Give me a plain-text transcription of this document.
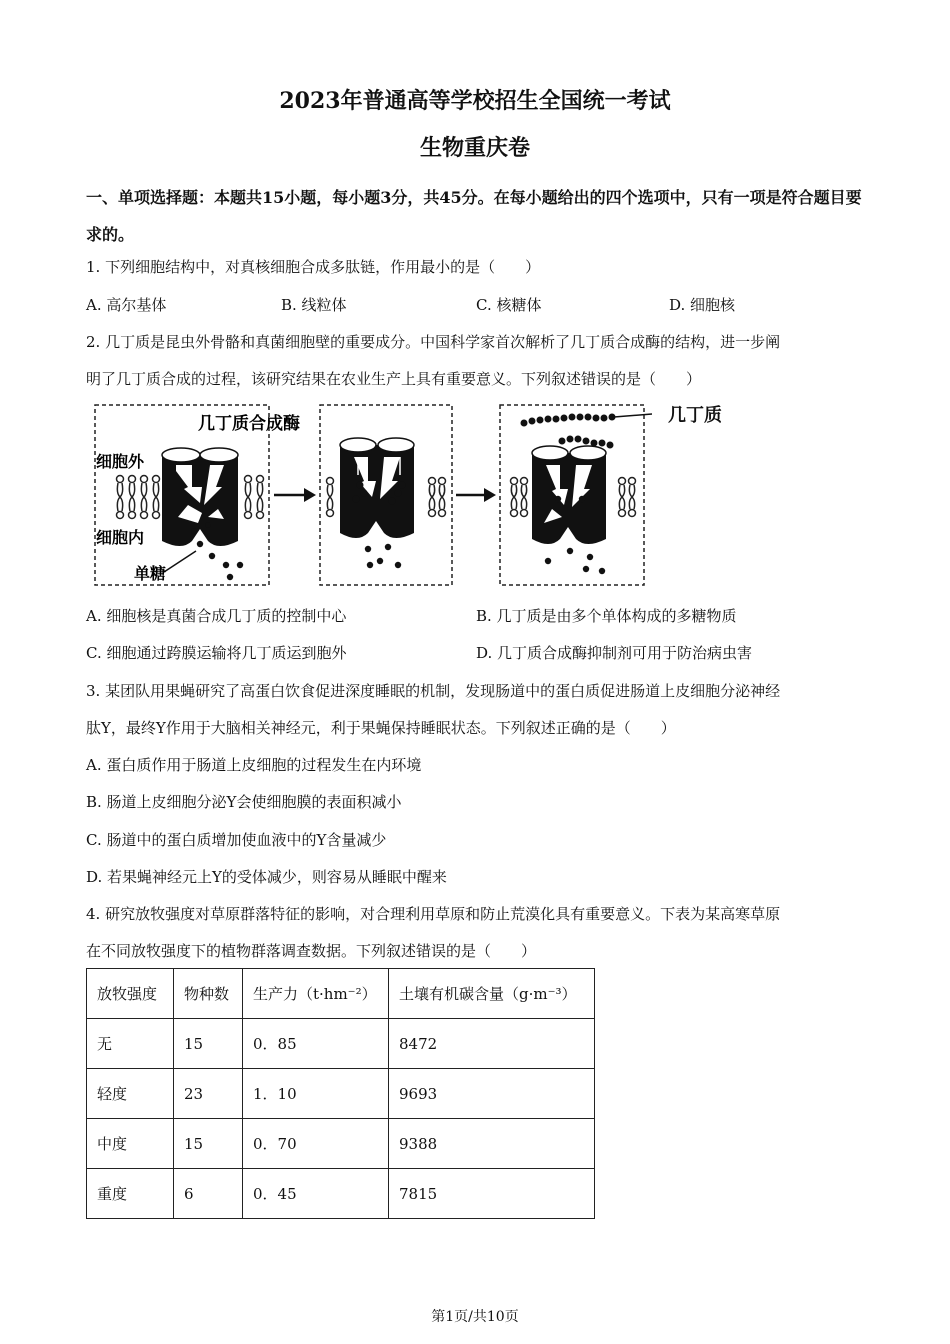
2023年普通高等学校招生全国统一考试
生物重庆卷
一、单项选择题：本题共15小题，每小题3分，共45分。在每小题给出的四个选项中，只有一项是符合题目要求的。
1. 下列细胞结构中，对真核细胞合成多肽链，作用最小的是（　　）
A. 高尔基体	B. 线粒体	C. 核糖体	D. 细胞核
2. 几丁质是昆虫外骨骼和真菌细胞壁的重要成分。中国科学家首次解析了几丁质合成酶的结构，进一步阐
明了几丁质合成的过程，该研究结果在农业生产上具有重要意义。下列叙述错误的是（　　）
几丁质合成酶
细胞外
细胞内
单糖
几丁质
A. 细胞核是真菌合成几丁质的控制中心	B. 几丁质是由多个单体构成的多糖物质
C. 细胞通过跨膜运输将几丁质运到胞外	D. 几丁质合成酶抑制剂可用于防治病虫害
3. 某团队用果蝇研究了高蛋白饮食促进深度睡眠的机制，发现肠道中的蛋白质促进肠道上皮细胞分泌神经
肽Y，最终Y作用于大脑相关神经元，利于果蝇保持睡眠状态。下列叙述正确的是（　　）
A. 蛋白质作用于肠道上皮细胞的过程发生在内环境
B. 肠道上皮细胞分泌Y会使细胞膜的表面积减小
C. 肠道中的蛋白质增加使血液中的Y含量减少
D. 若果蝇神经元上Y的受体减少，则容易从睡眠中醒来
4. 研究放牧强度对草原群落特征的影响，对合理利用草原和防止荒漠化具有重要意义。下表为某高寒草原
在不同放牧强度下的植物群落调查数据。下列叙述错误的是（　　）
放牧强度	物种数	生产力（t·hm⁻²）	土壤有机碳含量（g·m⁻³）
无	15	0．85	8472
轻度	23	1．10	9693
中度	15	0．70	9388
重度	6	0．45	7815
第1页/共10页
